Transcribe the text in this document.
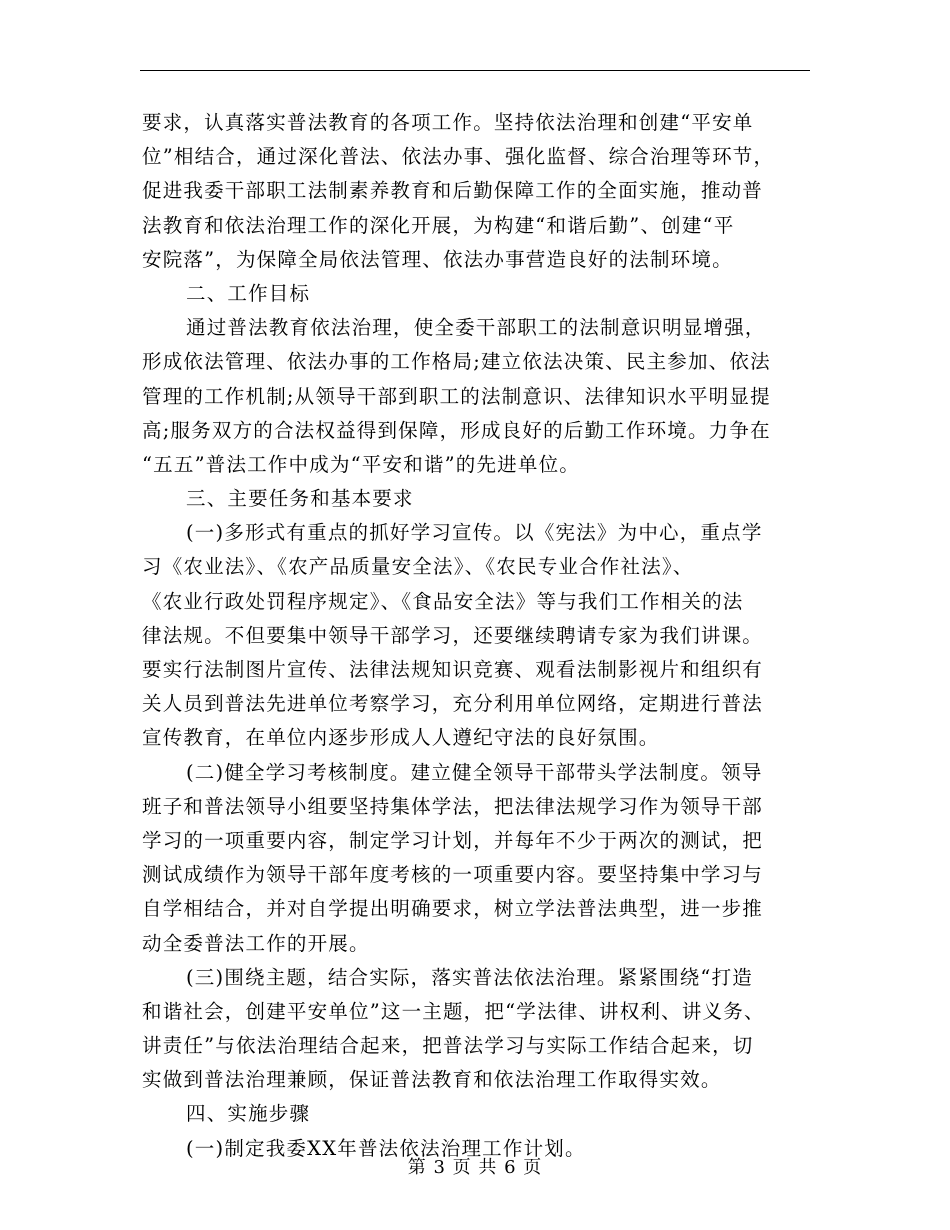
要求，认真落实普法教育的各项工作。坚持依法治理和创建“平安单
位”相结合，通过深化普法、依法办事、强化监督、综合治理等环节，
促进我委干部职工法制素养教育和后勤保障工作的全面实施，推动普
法教育和依法治理工作的深化开展，为构建“和谐后勤”、创建“平
安院落”，为保障全局依法管理、依法办事营造良好的法制环境。
二、工作目标
通过普法教育依法治理，使全委干部职工的法制意识明显增强，
形成依法管理、依法办事的工作格局;建立依法决策、民主参加、依法
管理的工作机制;从领导干部到职工的法制意识、法律知识水平明显提
高;服务双方的合法权益得到保障，形成良好的后勤工作环境。力争在
“五五”普法工作中成为“平安和谐”的先进单位。
三、主要任务和基本要求
(一)多形式有重点的抓好学习宣传。以《宪法》为中心，重点学
习《农业法》、《农产品质量安全法》、《农民专业合作社法》、
《农业行政处罚程序规定》、《食品安全法》等与我们工作相关的法
律法规。不但要集中领导干部学习，还要继续聘请专家为我们讲课。
要实行法制图片宣传、法律法规知识竞赛、观看法制影视片和组织有
关人员到普法先进单位考察学习，充分利用单位网络，定期进行普法
宣传教育，在单位内逐步形成人人遵纪守法的良好氛围。
(二)健全学习考核制度。建立健全领导干部带头学法制度。领导
班子和普法领导小组要坚持集体学法，把法律法规学习作为领导干部
学习的一项重要内容，制定学习计划，并每年不少于两次的测试，把
测试成绩作为领导干部年度考核的一项重要内容。要坚持集中学习与
自学相结合，并对自学提出明确要求，树立学法普法典型，进一步推
动全委普法工作的开展。
(三)围绕主题，结合实际，落实普法依法治理。紧紧围绕“打造
和谐社会，创建平安单位”这一主题，把“学法律、讲权利、讲义务、
讲责任”与依法治理结合起来，把普法学习与实际工作结合起来，切
实做到普法治理兼顾，保证普法教育和依法治理工作取得实效。
四、实施步骤
(一)制定我委XX年普法依法治理工作计划。
第 3 页 共 6 页
